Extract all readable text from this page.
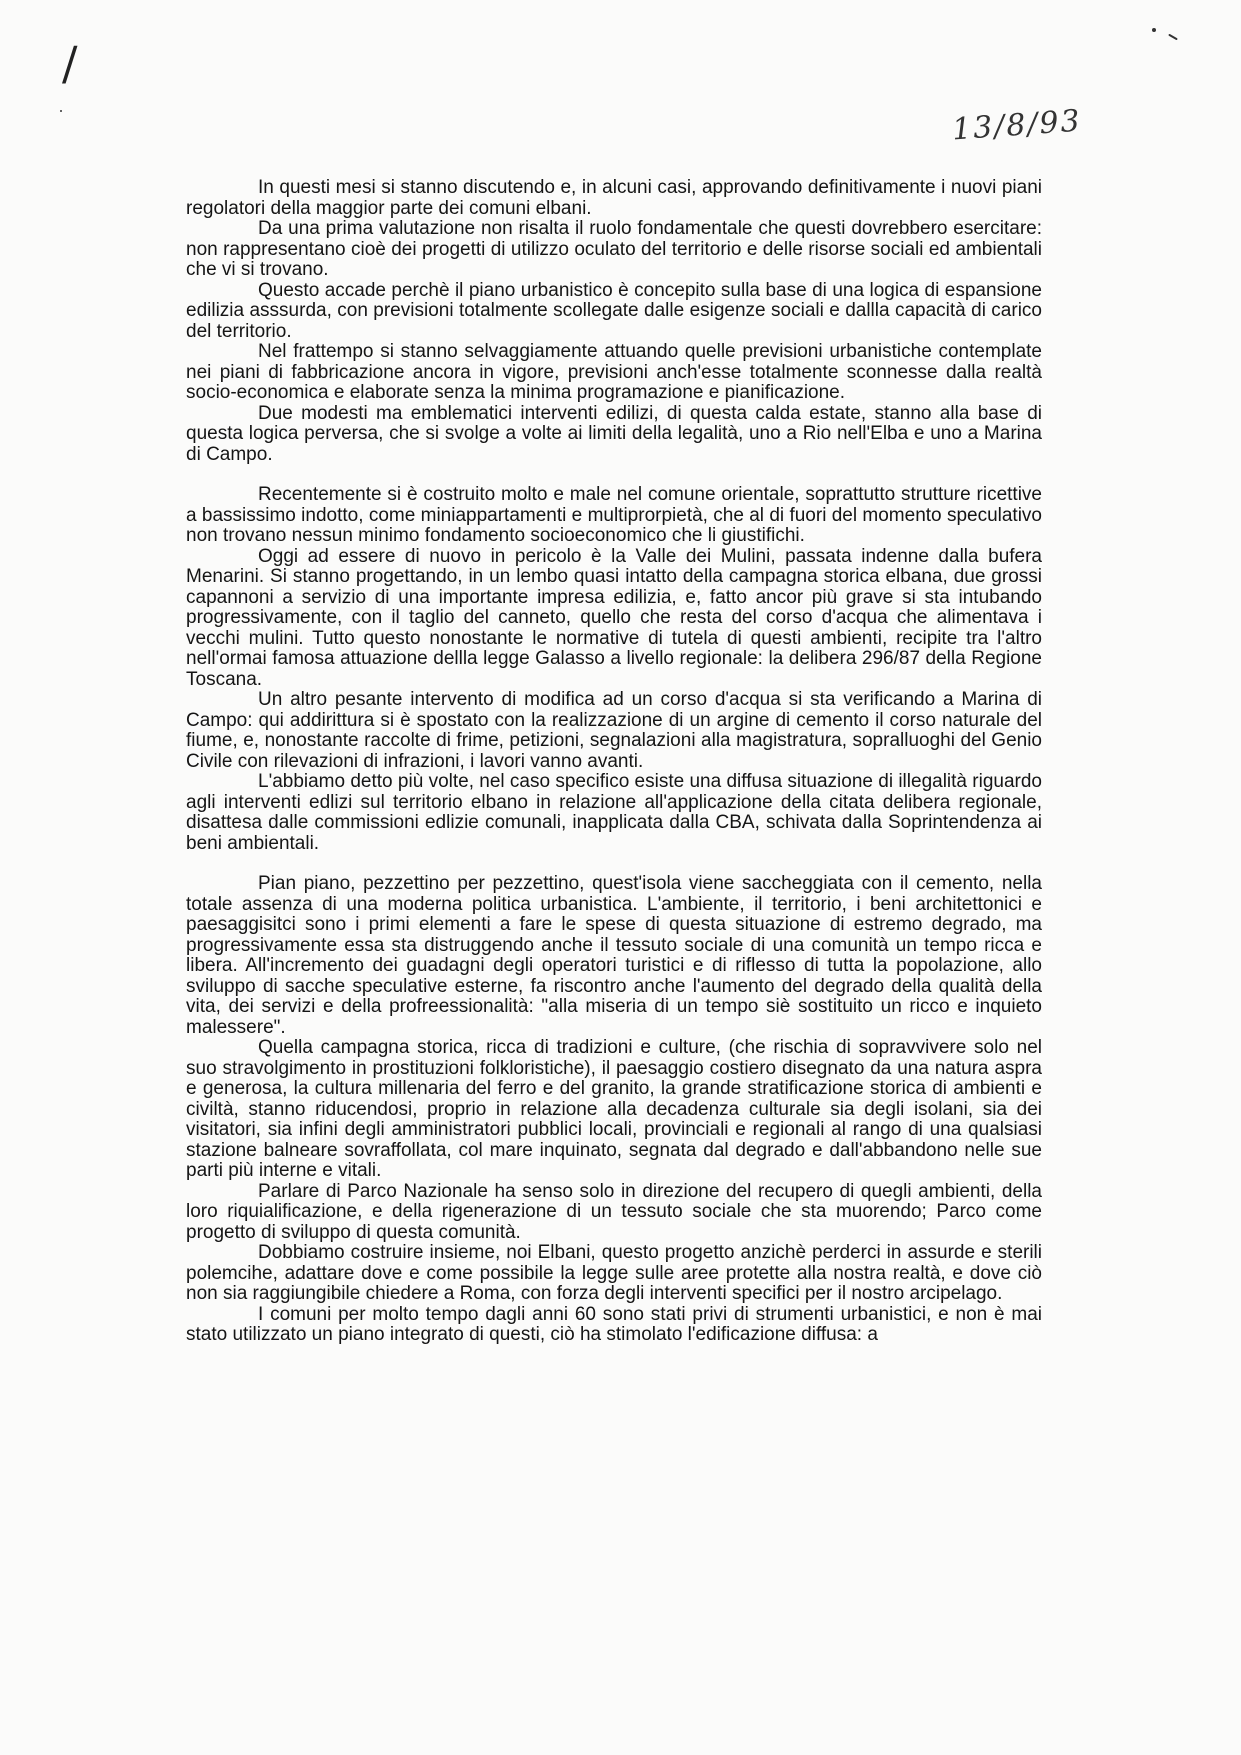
/
13/8/93

In questi mesi si stanno discutendo e, in alcuni casi, approvando definitivamente i nuovi piani regolatori della maggior parte dei comuni elbani.

Da una prima valutazione non risalta il ruolo fondamentale che questi dovrebbero esercitare: non rappresentano cioè dei progetti di utilizzo oculato del territorio e delle risorse sociali ed ambientali che vi si trovano.

Questo accade perchè il piano urbanistico è concepito sulla base di una logica di espansione edilizia asssurda, con previsioni totalmente scollegate dalle esigenze sociali e dallla capacità di carico del territorio.

Nel frattempo si stanno selvaggiamente attuando quelle previsioni urbanistiche contemplate nei piani di fabbricazione ancora in vigore, previsioni anch'esse totalmente sconnesse dalla realtà socio-economica e elaborate senza la minima programazione e pianificazione.

Due modesti ma emblematici interventi edilizi, di questa calda estate, stanno alla base di questa logica perversa, che si svolge a volte ai limiti della legalità, uno a Rio nell'Elba e uno a Marina di Campo.

Recentemente si è costruito molto e male nel comune orientale, soprattutto strutture ricettive a bassissimo indotto, come miniappartamenti e multiprorpietà, che al di fuori del momento speculativo non trovano nessun minimo fondamento socioeconomico che li giustifichi.

Oggi ad essere di nuovo in pericolo è la Valle dei Mulini, passata indenne dalla bufera Menarini. Si stanno progettando, in un lembo quasi intatto della campagna storica elbana, due grossi capannoni a servizio di una importante impresa edilizia, e, fatto ancor più grave si sta intubando progressivamente, con il taglio del canneto, quello che resta del corso d'acqua che alimentava i vecchi mulini. Tutto questo nonostante le normative di tutela di questi ambienti, recipite tra l'altro nell'ormai famosa attuazione dellla legge Galasso a livello regionale: la delibera 296/87 della Regione Toscana.

Un altro pesante intervento di modifica ad un corso d'acqua si sta verificando a Marina di Campo: qui addirittura si è spostato con la realizzazione di un argine di cemento il corso naturale del fiume, e, nonostante raccolte di frime, petizioni, segnalazioni alla magistratura, sopralluoghi del Genio Civile con rilevazioni di infrazioni, i lavori vanno avanti.

L'abbiamo detto più volte, nel caso specifico esiste una diffusa situazione di illegalità riguardo agli interventi edlizi sul territorio elbano in relazione all'applicazione della citata delibera regionale, disattesa dalle commissioni edlizie comunali, inapplicata dalla CBA, schivata dalla Soprintendenza ai beni ambientali.

Pian piano, pezzettino per pezzettino, quest'isola viene saccheggiata con il cemento, nella totale assenza di una moderna politica urbanistica. L'ambiente, il territorio, i beni architettonici e paesaggisitci sono i primi elementi a fare le spese di questa situazione di estremo degrado, ma progressivamente essa sta distruggendo anche il tessuto sociale di una comunità un tempo ricca e libera. All'incremento dei guadagni degli operatori turistici e di riflesso di tutta la popolazione, allo sviluppo di sacche speculative esterne, fa riscontro anche l'aumento del degrado della qualità della vita, dei servizi e della profreessionalità: "alla miseria di un tempo siè sostituito un ricco e inquieto malessere".

Quella campagna storica, ricca di tradizioni e culture, (che rischia di sopravvivere solo nel suo stravolgimento in prostituzioni folkloristiche), il paesaggio costiero disegnato da una natura aspra e generosa, la cultura millenaria del ferro e del granito, la grande stratificazione storica di ambienti e civiltà, stanno riducendosi, proprio in relazione alla decadenza culturale sia degli isolani, sia dei visitatori, sia infini degli amministratori pubblici locali, provinciali e regionali al rango di una qualsiasi stazione balneare sovraffollata, col mare inquinato, segnata dal degrado e dall'abbandono nelle sue parti più interne e vitali.

Parlare di Parco Nazionale ha senso solo in direzione del recupero di quegli ambienti, della loro riquialificazione, e della rigenerazione di un tessuto sociale che sta muorendo; Parco come progetto di sviluppo di questa comunità.

Dobbiamo costruire insieme, noi Elbani, questo progetto anzichè perderci in assurde e sterili polemcihe, adattare dove e come possibile la legge sulle aree protette alla nostra realtà, e dove ciò non sia raggiungibile chiedere a Roma, con forza degli interventi specifici per il nostro arcipelago.

I comuni per molto tempo dagli anni 60 sono stati privi di strumenti urbanistici, e non è mai stato utilizzato un piano integrato di questi, ciò ha stimolato l'edificazione diffusa: a
